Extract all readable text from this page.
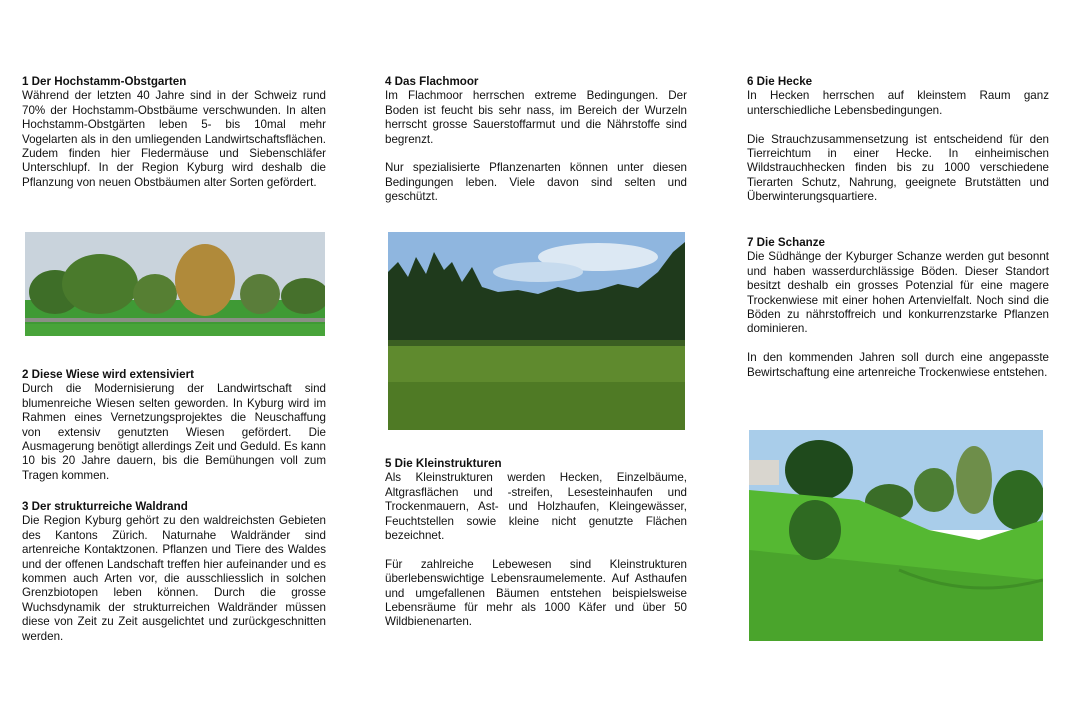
1 Der Hochstamm-Obstgarten

Während der letzten 40 Jahre sind in der Schweiz rund 70% der Hochstamm-Obstbäume verschwunden. In alten Hochstamm-Obstgärten leben 5- bis 10mal mehr Vogelarten als in den umliegenden Landwirtschaftsflächen. Zudem finden hier Fledermäuse und Siebenschläfer Unterschlupf. In der Region Kyburg wird deshalb die Pflanzung von neuen Obstbäumen alter Sorten gefördert.

2 Diese Wiese wird extensiviert

Durch die Modernisierung der Landwirtschaft sind blumenreiche Wiesen selten geworden. In Kyburg wird im Rahmen eines Vernetzungsprojektes die Neuschaffung von extensiv genutzten Wiesen gefördert. Die Ausmagerung benötigt allerdings Zeit und Geduld. Es kann 10 bis 20 Jahre dauern, bis die Bemühungen voll zum Tragen kommen.

3 Der strukturreiche Waldrand

Die Region Kyburg gehört zu den waldreichsten Gebieten des Kantons Zürich. Naturnahe Waldränder sind artenreiche Kontaktzonen. Pflanzen und Tiere des Waldes und der offenen Landschaft treffen hier aufeinander und es kommen auch Arten vor, die ausschliesslich in solchen Grenzbiotopen leben können. Durch die grosse Wuchsdynamik der strukturreichen Waldränder müssen diese von Zeit zu Zeit ausgelichtet und zurückgeschnitten werden.

4 Das Flachmoor

Im Flachmoor herrschen extreme Bedingungen. Der Boden ist feucht bis sehr nass, im Bereich der Wurzeln herrscht grosse Sauerstoffarmut und die Nährstoffe sind begrenzt.

Nur spezialisierte Pflanzenarten können unter diesen Bedingungen leben. Viele davon sind selten und geschützt.

5 Die Kleinstrukturen

Als Kleinstrukturen werden Hecken, Einzelbäume, Altgrasflächen und -streifen, Lesesteinhaufen und Trockenmauern, Ast- und Holzhaufen, Kleingewässer, Feuchtstellen sowie kleine nicht genutzte Flächen bezeichnet.

Für zahlreiche Lebewesen sind Kleinstrukturen überlebenswichtige Lebensraumelemente. Auf Asthaufen und umgefallenen Bäumen entstehen beispielsweise Lebensräume für mehr als 1000 Käfer und über 50 Wildbienenarten.

6 Die Hecke

In Hecken herrschen auf kleinstem Raum ganz unterschiedliche Lebensbedingungen.

Die Strauchzusammensetzung ist entscheidend für den Tierreichtum in einer Hecke. In einheimischen Wildstrauchhecken finden bis zu 1000 verschiedene Tierarten Schutz, Nahrung, geeignete Brutstätten und Überwinterungsquartiere.

7 Die Schanze

Die Südhänge der Kyburger Schanze werden gut besonnt und haben wasserdurchlässige Böden. Dieser Standort besitzt deshalb ein grosses Potenzial für eine magere Trockenwiese mit einer hohen Artenvielfalt. Noch sind die Böden zu nährstoffreich und konkurrenzstarke Pflanzen dominieren.

In den kommenden Jahren soll durch eine angepasste Bewirtschaftung eine artenreiche Trockenwiese entstehen.
